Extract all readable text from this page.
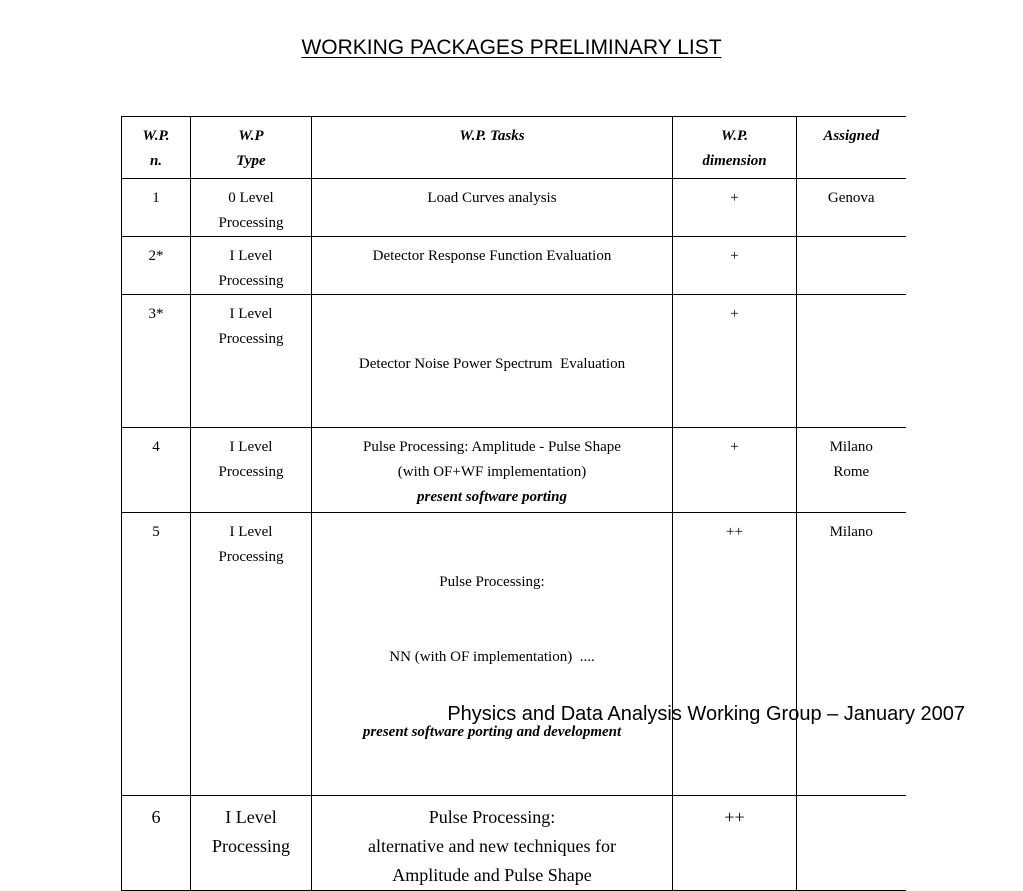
WORKING PACKAGES PRELIMINARY LIST
W.P.
n.	W.P
Type	W.P. Tasks	W.P.
dimension	Assigned

1	0 Level
Processing	Load Curves analysis	+	Genova

2*	I Level
Processing	Detector Response Function Evaluation	+	
3*	I Level
Processing	Detector Noise Power Spectrum  Evaluation	+	
4	I Level
Processing	Pulse Processing: Amplitude - Pulse Shape
(with OF+WF implementation)
present software porting	+	Milano
Rome

5	I Level
Processing	Pulse Processing:

NN (with OF implementation)  ....

present software porting and development	++	Milano

6	I Level
Processing	Pulse Processing:
alternative and new techniques for
Amplitude and Pulse Shape	++	
Physics and Data Analysis Working Group – January 2007
